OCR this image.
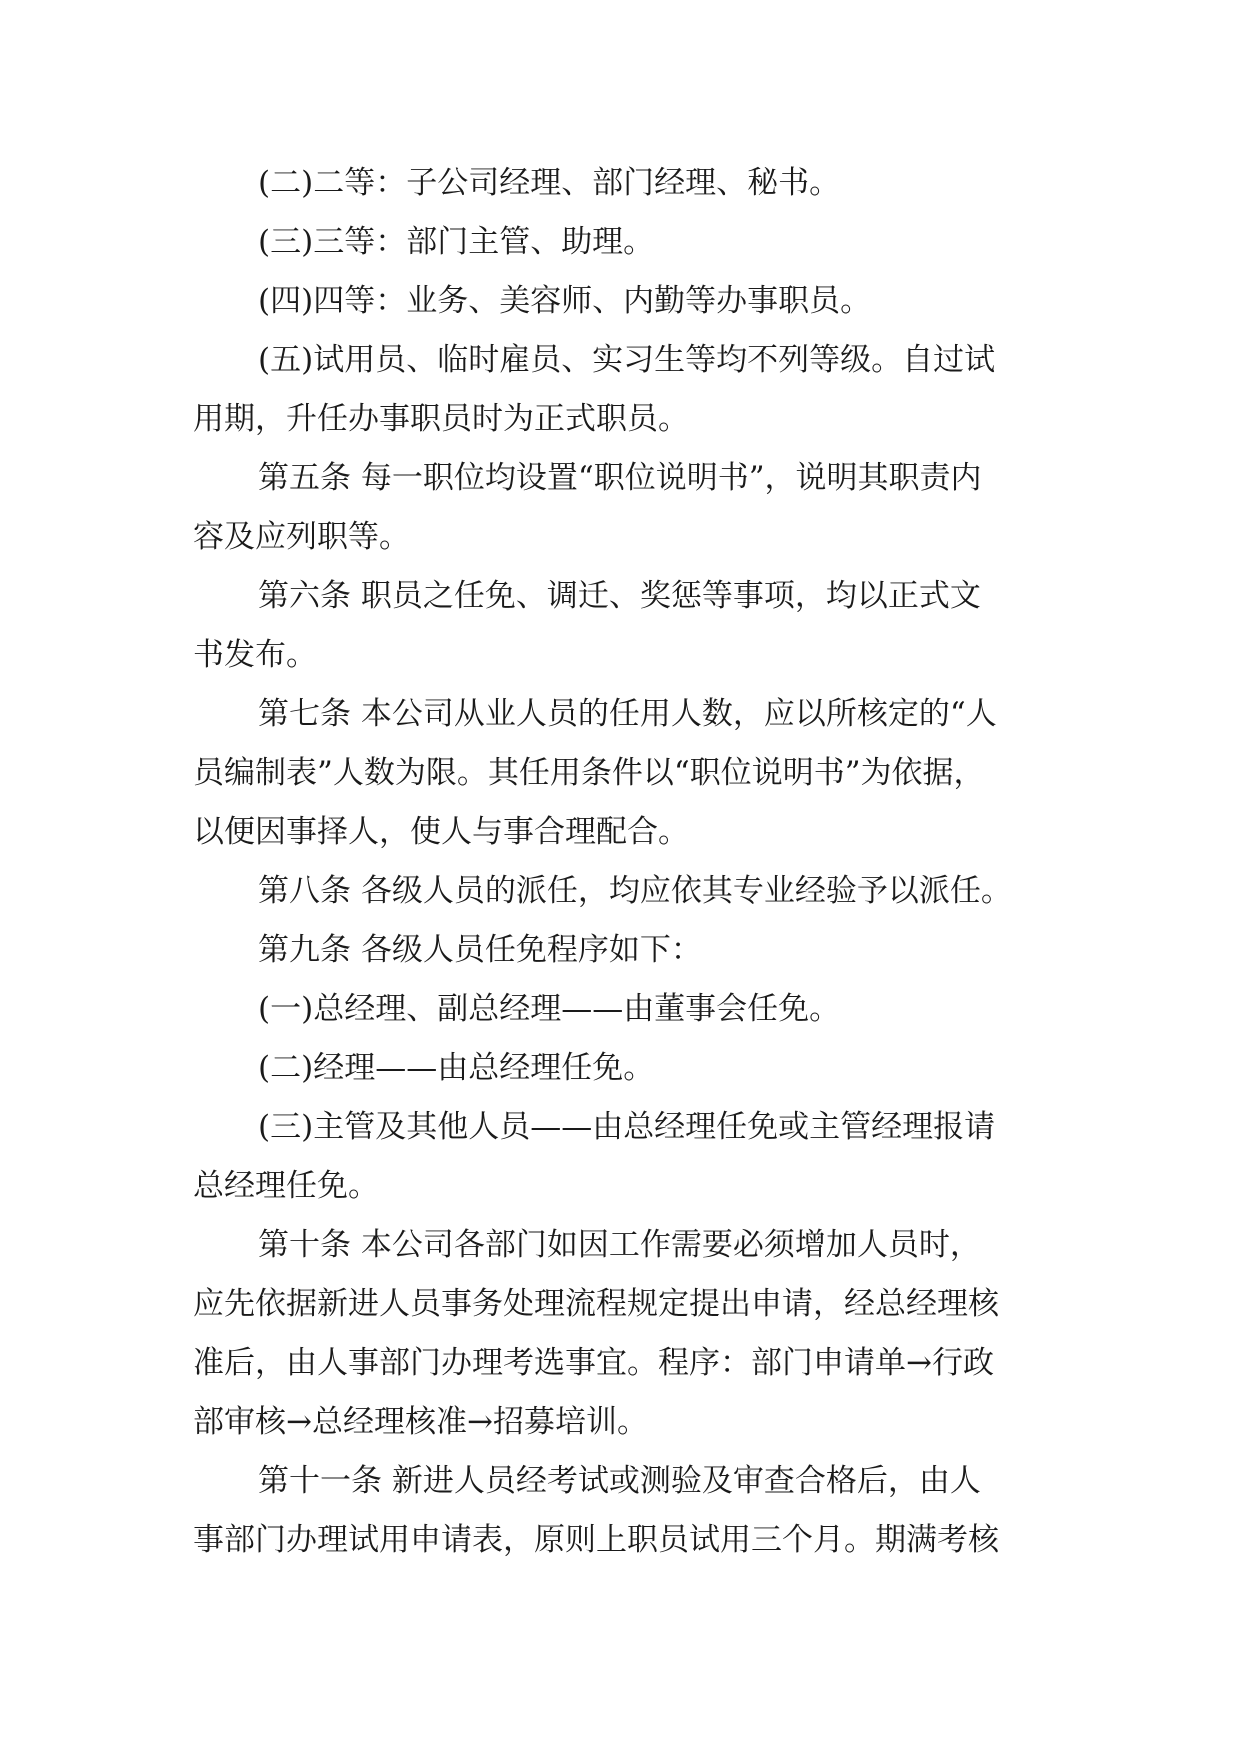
(二)二等：子公司经理、部门经理、秘书。
(三)三等：部门主管、助理。
(四)四等：业务、美容师、内勤等办事职员。
(五)试用员、临时雇员、实习生等均不列等级。自过试
用期，升任办事职员时为正式职员。
第五条 每一职位均设置“职位说明书”，说明其职责内
容及应列职等。
第六条 职员之任免、调迁、奖惩等事项，均以正式文
书发布。
第七条 本公司从业人员的任用人数，应以所核定的“人
员编制表”人数为限。其任用条件以“职位说明书”为依据，
以便因事择人，使人与事合理配合。
第八条 各级人员的派任，均应依其专业经验予以派任。
第九条 各级人员任免程序如下：
(一)总经理、副总经理——由董事会任免。
(二)经理——由总经理任免。
(三)主管及其他人员——由总经理任免或主管经理报请
总经理任免。
第十条 本公司各部门如因工作需要必须增加人员时，
应先依据新进人员事务处理流程规定提出申请，经总经理核
准后，由人事部门办理考选事宜。程序：部门申请单→行政
部审核→总经理核准→招募培训。
第十一条 新进人员经考试或测验及审查合格后，由人
事部门办理试用申请表，原则上职员试用三个月。期满考核
